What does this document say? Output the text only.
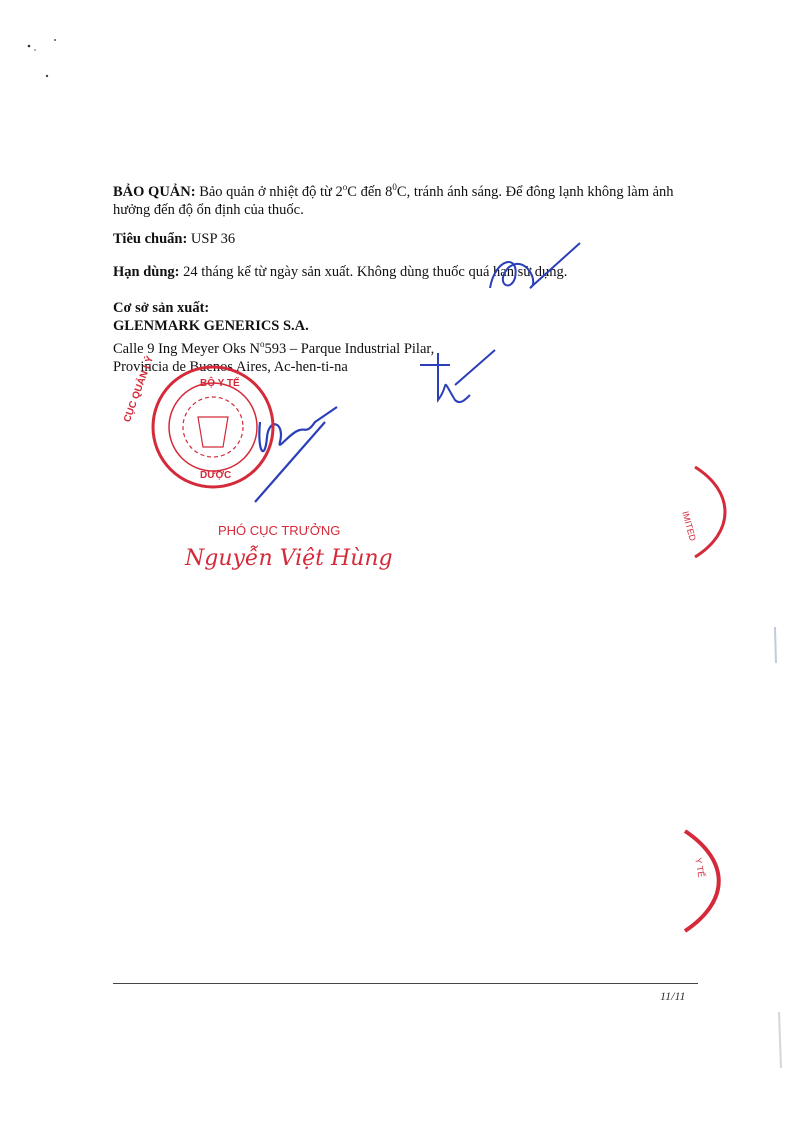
BẢO QUẢN: Bảo quản ở nhiệt độ từ 2$^o$C đến $8^0C$, tránh ánh sáng. Để đông lạnh không làm ảnh
hưởng đến độ ổn định của thuốc.
Tiêu chuẩn: USP 36
Hạn dùng: 24 tháng kể từ ngày sản xuất. Không dùng thuốc quá hạn sử dụng.
Cơ sở sản xuất:
GLENMARK GENERICS S.A.
Calle 9 Ing Meyer Oks $N^o593$ – Parque Industrial Pilar,
Provincia de Buenos Aires, Ac-hen-ti-na
BỘ Y TẾ
CỤC QUẢN LÝ
DƯỢC
PHÓ CỤC TRƯỞNG
Nguyễn Việt Hùng
IMITED
Y TẾ
11/11
